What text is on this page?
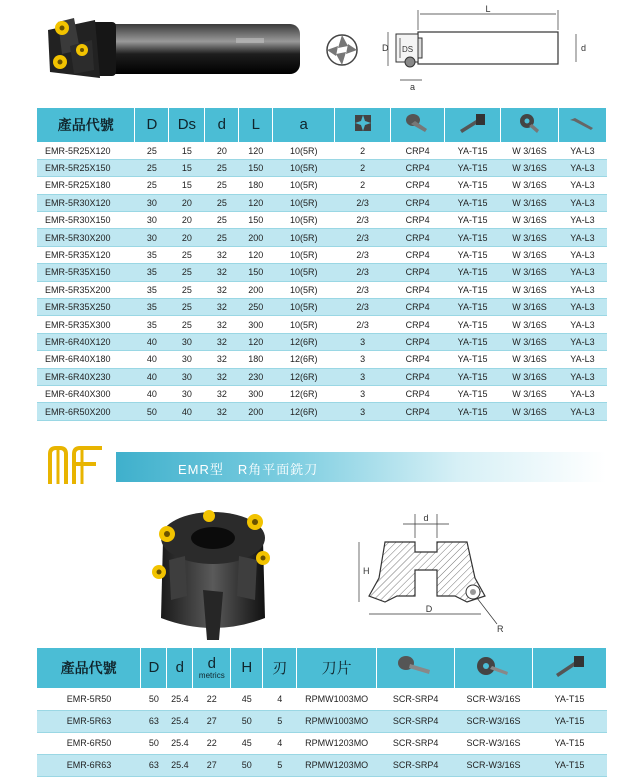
L
D DS	d
a
產品代號	D	Ds	d	L	a					
EMR-5R25X120	25	15	20	120	10(5R)	2	CRP4	YA-T15	W 3/16S	YA-L3
EMR-5R25X150	25	15	25	150	10(5R)	2	CRP4	YA-T15	W 3/16S	YA-L3
EMR-5R25X180	25	15	25	180	10(5R)	2	CRP4	YA-T15	W 3/16S	YA-L3
EMR-5R30X120	30	20	25	120	10(5R)	2/3	CRP4	YA-T15	W 3/16S	YA-L3
EMR-5R30X150	30	20	25	150	10(5R)	2/3	CRP4	YA-T15	W 3/16S	YA-L3
EMR-5R30X200	30	20	25	200	10(5R)	2/3	CRP4	YA-T15	W 3/16S	YA-L3
EMR-5R35X120	35	25	32	120	10(5R)	2/3	CRP4	YA-T15	W 3/16S	YA-L3
EMR-5R35X150	35	25	32	150	10(5R)	2/3	CRP4	YA-T15	W 3/16S	YA-L3
EMR-5R35X200	35	25	32	200	10(5R)	2/3	CRP4	YA-T15	W 3/16S	YA-L3
EMR-5R35X250	35	25	32	250	10(5R)	2/3	CRP4	YA-T15	W 3/16S	YA-L3
EMR-5R35X300	35	25	32	300	10(5R)	2/3	CRP4	YA-T15	W 3/16S	YA-L3
EMR-6R40X120	40	30	32	120	12(6R)	3	CRP4	YA-T15	W 3/16S	YA-L3
EMR-6R40X180	40	30	32	180	12(6R)	3	CRP4	YA-T15	W 3/16S	YA-L3
EMR-6R40X230	40	30	32	230	12(6R)	3	CRP4	YA-T15	W 3/16S	YA-L3
EMR-6R40X300	40	30	32	300	12(6R)	3	CRP4	YA-T15	W 3/16S	YA-L3
EMR-6R50X200	50	40	32	200	12(6R)	3	CRP4	YA-T15	W 3/16S	YA-L3
EMR型 R角平面銑刀
d
H
D
R
產品代號	D	d	d
metrics	H	刃	刀片			
EMR-5R50	50	25.4	22	45	4	RPMW1003MO	SCR-SRP4	SCR-W3/16S	YA-T15
EMR-5R63	63	25.4	27	50	5	RPMW1003MO	SCR-SRP4	SCR-W3/16S	YA-T15
EMR-6R50	50	25.4	22	45	4	RPMW1203MO	SCR-SRP4	SCR-W3/16S	YA-T15
EMR-6R63	63	25.4	27	50	5	RPMW1203MO	SCR-SRP4	SCR-W3/16S	YA-T15
